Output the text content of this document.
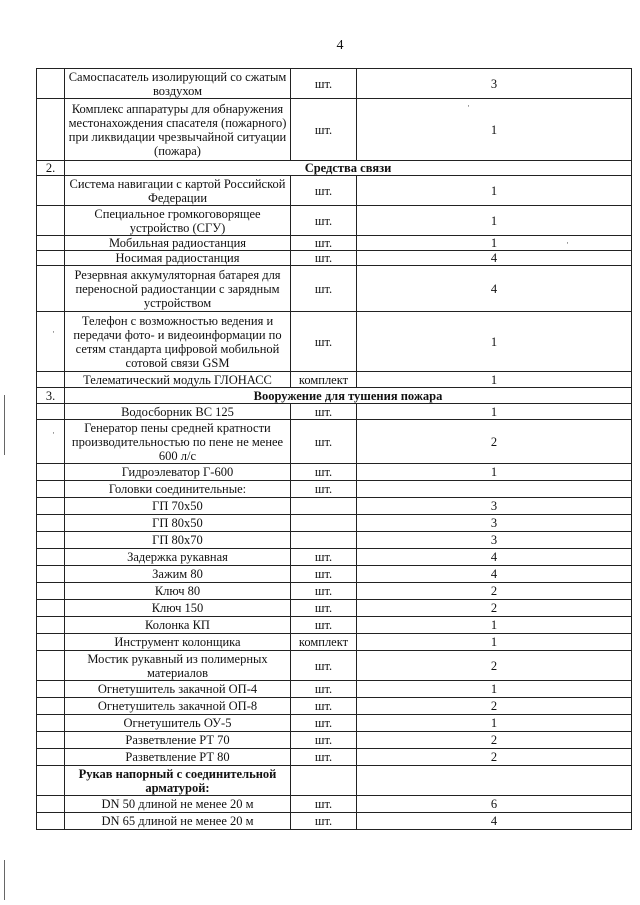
4
	Самоспасатель изолирующий со сжатым воздухом	шт.	3
	Комплекс аппаратуры для обнаружения местонахождения спасателя (пожарного) при ликвидации чрезвычайной ситуации (пожара)	шт.	1
2.	Средства связи		
	Система навигации с картой Российской Федерации	шт.	1
	Специальное громкоговорящее устройство (СГУ)	шт.	1
	Мобильная радиостанция	шт.	1
	Носимая радиостанция	шт.	4
	Резервная аккумуляторная батарея для переносной радиостанции с зарядным устройством	шт.	4
	Телефон с возможностью ведения и передачи фото- и видеоинформации по сетям стандарта цифровой мобильной сотовой связи GSM	шт.	1
	Телематический модуль ГЛОНАСС	комплект	1
3.	Вооружение для тушения пожара		
	Водосборник ВС 125	шт.	1
	Генератор пены средней кратности производительностью по пене не менее 600 л/с	шт.	2
	Гидроэлеватор Г-600	шт.	1
	Головки соединительные:	шт.	
	ГП 70х50		3
	ГП 80х50		3
	ГП 80х70		3
	Задержка рукавная	шт.	4
	Зажим 80	шт.	4
	Ключ 80	шт.	2
	Ключ 150	шт.	2
	Колонка КП	шт.	1
	Инструмент колонщика	комплект	1
	Мостик рукавный из полимерных материалов	шт.	2
	Огнетушитель закачной ОП-4	шт.	1
	Огнетушитель закачной ОП-8	шт.	2
	Огнетушитель ОУ-5	шт.	1
	Разветвление РТ 70	шт.	2
	Разветвление РТ 80	шт.	2
	Рукав напорный с соединительной арматурой:		
	DN 50 длиной не менее 20 м	шт.	6
	DN 65 длиной не менее 20 м	шт.	4
·
·
·
·
